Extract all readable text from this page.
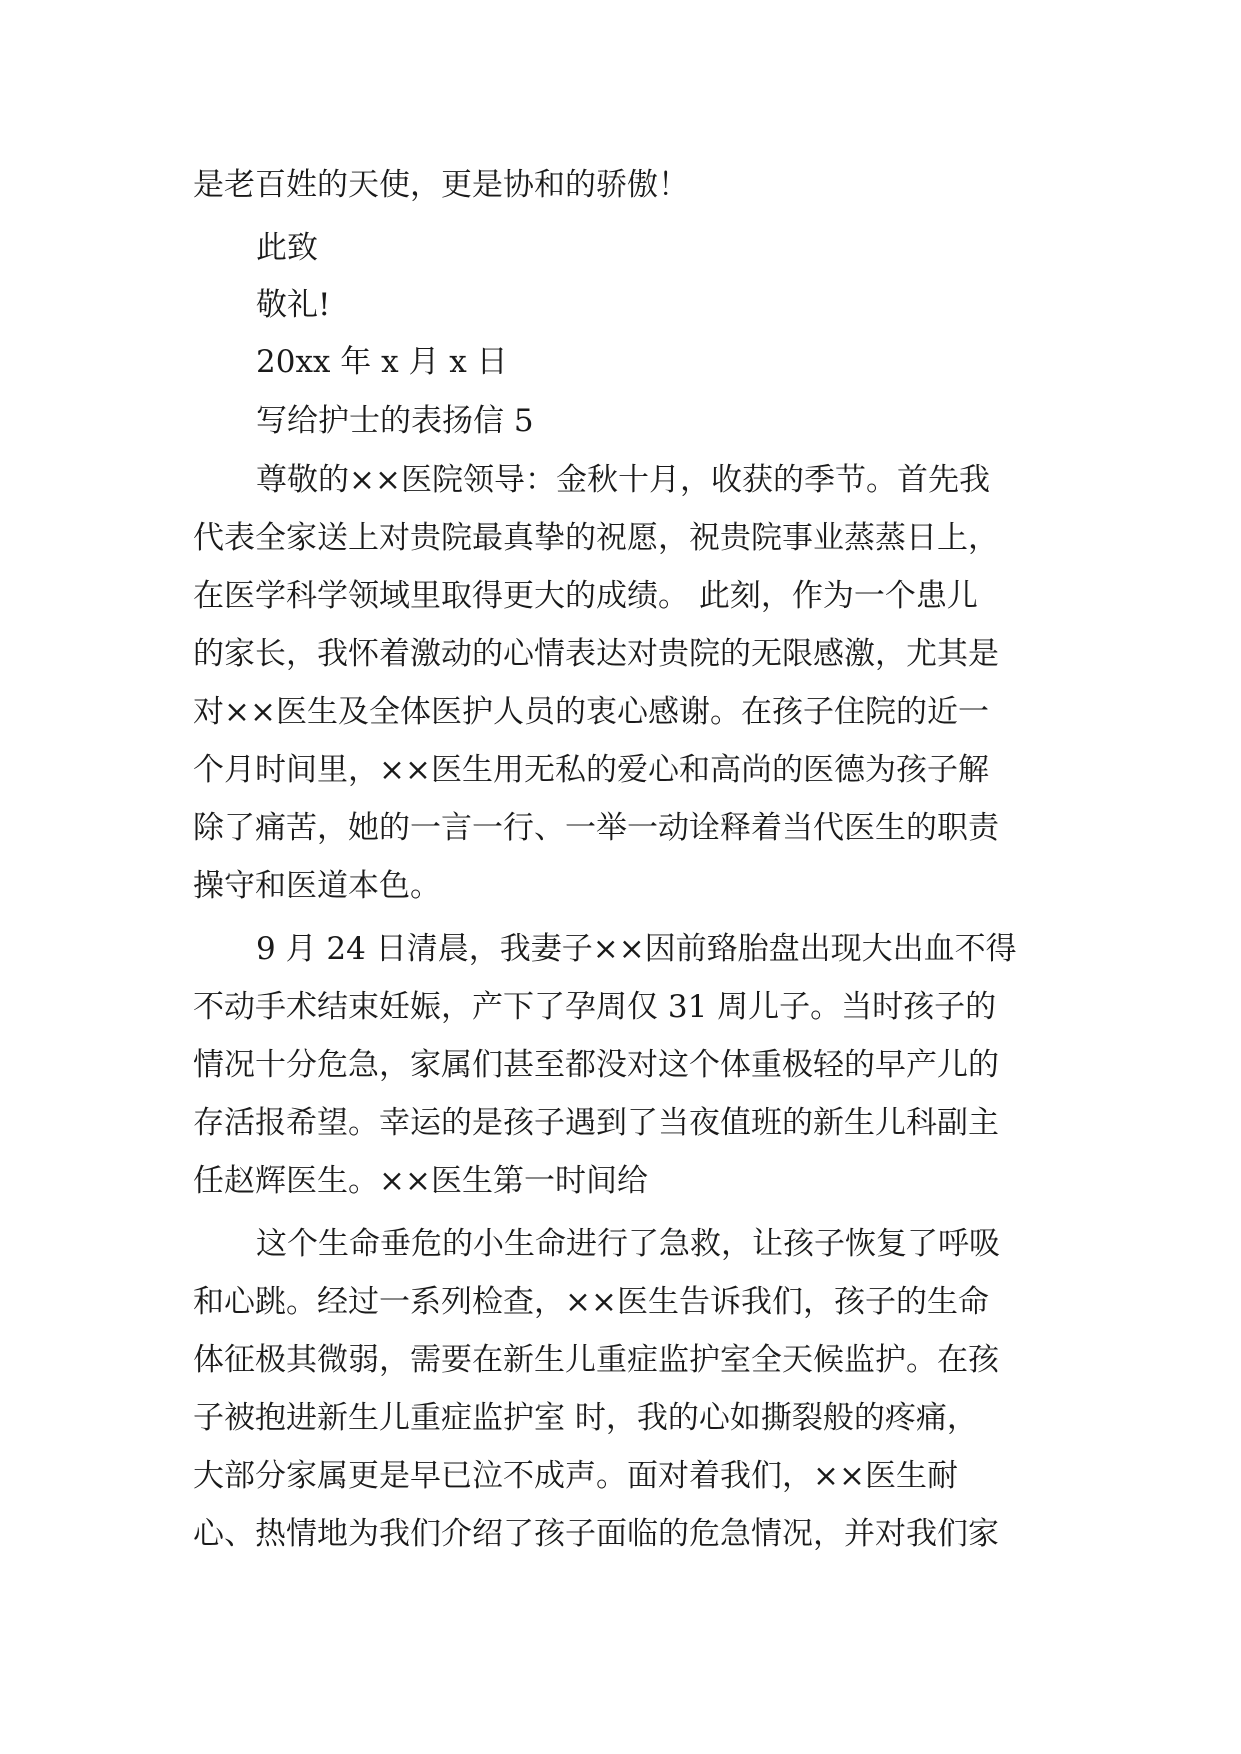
是老百姓的天使，更是协和的骄傲！
此致
敬礼!
20xx 年 x 月 x 日
写给护士的表扬信 5
尊敬的××医院领导：金秋十月，收获的季节。首先我
代表全家送上对贵院最真挚的祝愿，祝贵院事业蒸蒸日上，
在医学科学领域里取得更大的成绩。 此刻，作为一个患儿
的家长，我怀着激动的心情表达对贵院的无限感激，尤其是
对××医生及全体医护人员的衷心感谢。在孩子住院的近一
个月时间里，××医生用无私的爱心和高尚的医德为孩子解
除了痛苦，她的一言一行、一举一动诠释着当代医生的职责
操守和医道本色。
9 月 24 日清晨，我妻子××因前臵胎盘出现大出血不得
不动手术结束妊娠，产下了孕周仅 31 周儿子。当时孩子的
情况十分危急，家属们甚至都没对这个体重极轻的早产儿的
存活报希望。幸运的是孩子遇到了当夜值班的新生儿科副主
任赵辉医生。××医生第一时间给
这个生命垂危的小生命进行了急救，让孩子恢复了呼吸
和心跳。经过一系列检查，××医生告诉我们，孩子的生命
体征极其微弱，需要在新生儿重症监护室全天候监护。在孩
子被抱进新生儿重症监护室 时，我的心如撕裂般的疼痛，
大部分家属更是早已泣不成声。面对着我们，××医生耐
心、热情地为我们介绍了孩子面临的危急情况，并对我们家
